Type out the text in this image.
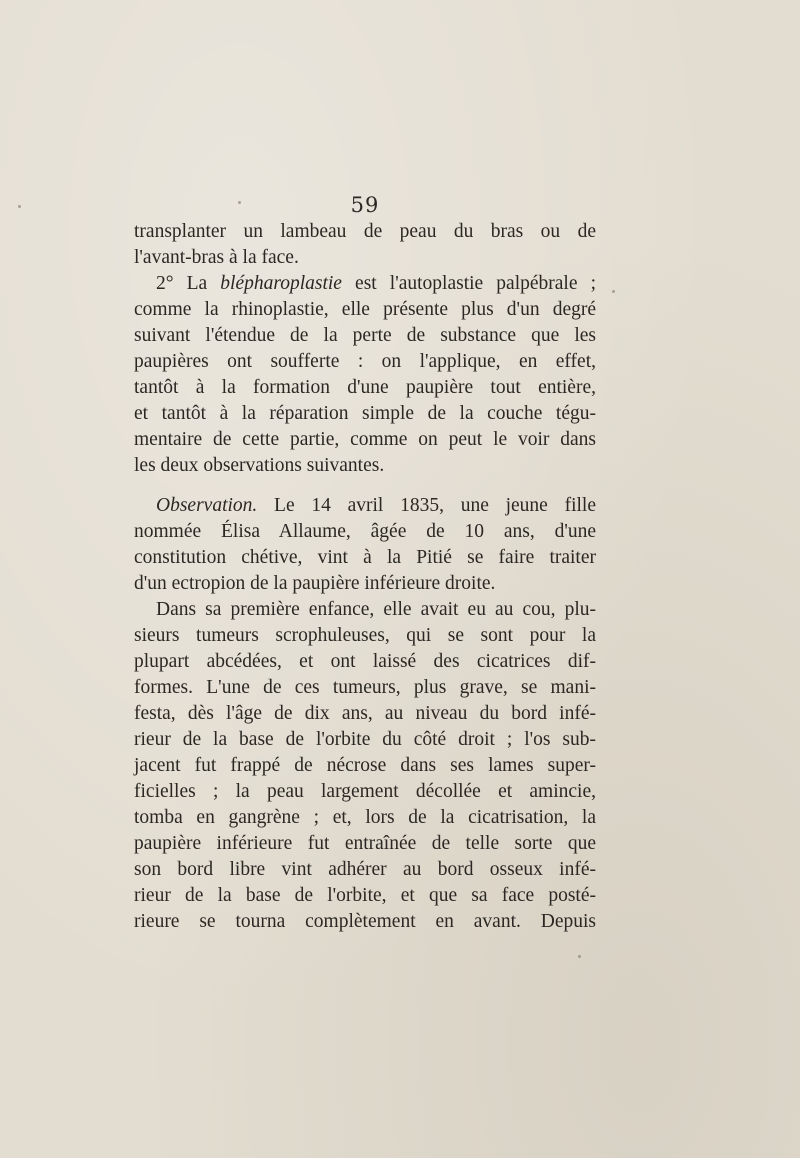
59
transplanter un lambeau de peau du bras ou de
l'avant-bras à la face.
2° La blépharoplastie est l'autoplastie palpébrale ;
comme la rhinoplastie, elle présente plus d'un degré
suivant l'étendue de la perte de substance que les
paupières ont soufferte : on l'applique, en effet,
tantôt à la formation d'une paupière tout entière,
et tantôt à la réparation simple de la couche tégu-
mentaire de cette partie, comme on peut le voir dans
les deux observations suivantes.
Observation. Le 14 avril 1835, une jeune fille
nommée Élisa Allaume, âgée de 10 ans, d'une
constitution chétive, vint à la Pitié se faire traiter
d'un ectropion de la paupière inférieure droite.
Dans sa première enfance, elle avait eu au cou, plu-
sieurs tumeurs scrophuleuses, qui se sont pour la
plupart abcédées, et ont laissé des cicatrices dif-
formes. L'une de ces tumeurs, plus grave, se mani-
festa, dès l'âge de dix ans, au niveau du bord infé-
rieur de la base de l'orbite du côté droit ; l'os sub-
jacent fut frappé de nécrose dans ses lames super-
ficielles ; la peau largement décollée et amincie,
tomba en gangrène ; et, lors de la cicatrisation, la
paupière inférieure fut entraînée de telle sorte que
son bord libre vint adhérer au bord osseux infé-
rieur de la base de l'orbite, et que sa face posté-
rieure se tourna complètement en avant. Depuis
